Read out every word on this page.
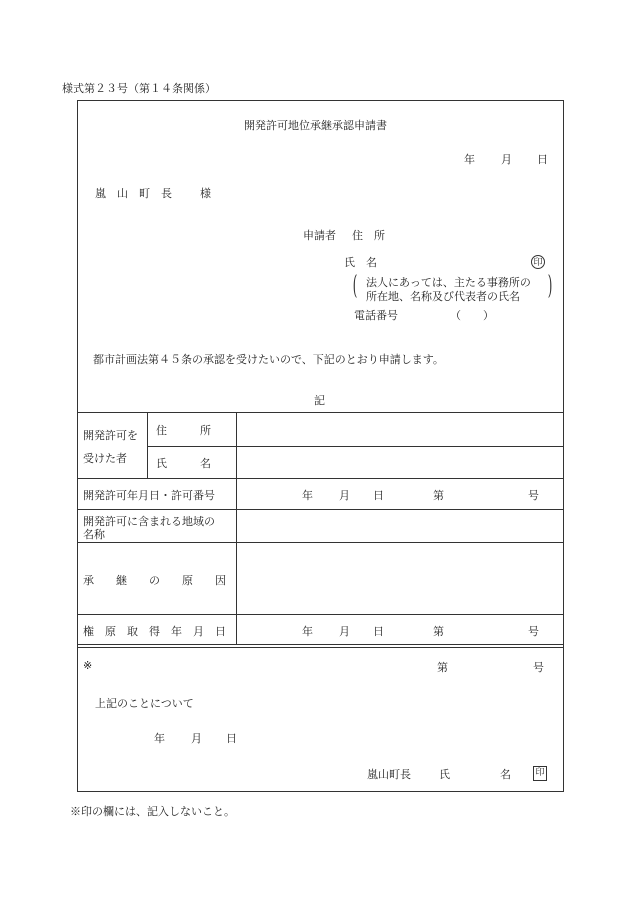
様式第２３号（第１４条関係）
開発許可地位承継承認申請書
年 月 日
嵐　山　町　長	様
申請者 住　所
氏　名	印
( 法人にあっては、主たる事務所の
所在地、名称及び代表者の氏名 )
電話番号	（　　）
都市計画法第４５条の承認を受けたいので、下記のとおり申請します。
記
開発許可を
受けた者
住　　　所
氏　　　名
開発許可年月日・許可番号	年 月 日	第	号
開発許可に含まれる地域の
名称
承　　継　　の　　原　　因
権　原　取　得　年　月　日	年 月 日	第	号
※	第	号
上記のことについて
年 月 日
嵐山町長	氏	名	印
※印の欄には、記入しないこと。
